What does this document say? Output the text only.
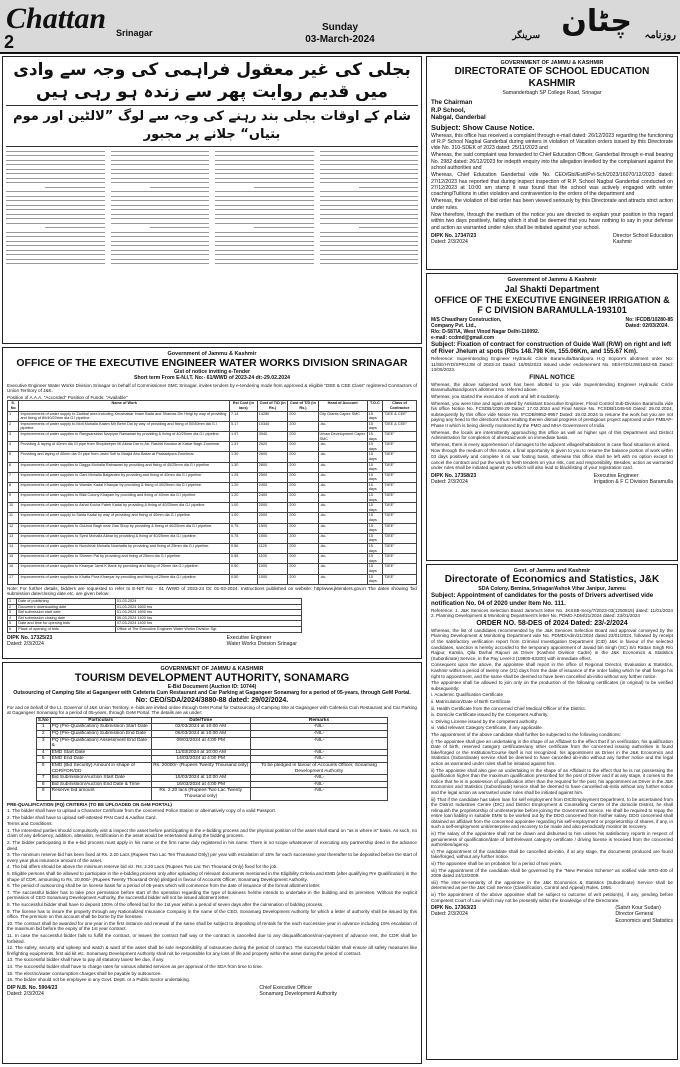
Chattan Srinagar
2
Sunday
03-March-2024	سرینگر چٹان روزنامہ
بجلی کی غیر معقول فراہمی کی وجہ سے وادی میں قدیم روایت پھر سے زندہ ہو رہی ہیں
شام کے اوقات بجلی بند رہنے کی وجہ سے لوگ ”لالٹین اور موم بتیاں“ جلانے پر مجبور
Government of Jammu & Kashmir
OFFICE OF THE EXECUTIVE ENGINEER WATER WORKS DIVISION SRINAGAR
Gist of notice inviting e-Tender
Short term From E-N.I.T. No:- 61/WWD of 2023-24 dt:-29.02.2024
Executive Engineer Water Works Division Srinagar on behalf of Commissioner SMC Srinagar, invites tenders by e-tendering mode from approved & eligible "DEE & CEE Class" registered Contractors of Union Territory of J&K.
Position of A.A.A. "Accorded" Position of Funds: "Available"
S. No	Name of Work	Est Cost (in lacs)	Cost of T/D (in Rs.)	Cost of T/D (in Rs.)	Head of Account	T.O.C	Class of Contractor
1	Improvements of water supply to Zadibal area including Khushalsar Imam Bada and Shamas Din Heigi by way of providing and fixing of 80/40/20mm dia G.I pipeline.	7.14	14280	200	City Grants Capex SMC	15 days	"DEE & CEE"
2	Improvements of water supply to Moti Mohalla Kalam Mir Behri Dal by way of providing and fixing of 50/40mm dia G.I pipeline.	5.17	10340	200	-do-	15 days	"DEE & CEE"
3	Improvements of water supplies to Rangsarsidan Narpiyar Rainawari by providing & fixing of 40/25mm dia G.I pipeline.	1.97	3940	200	Urban Development Capex SMC	15 days	"DEE"
4	Providing & laying of 40mm dia GI pipe from Shopkeeper Mi Akbar Dar to Ab. Rashid Kandoo at Kabar Bagh Zoonimar	1.31	2620	200	-do-	15 days	"DEE"
5	Providing and laying of 40mm dia GI pipe from Javid Sofi to Masjid Abu Bakar at Padsadpora Zoonimar.	1.30	2600	200	-do-	15 days	"DEE"
6	Improvements of water supplies to Dagga Mohalla Rainawari by providing and fixing of 40/25mm dia G.I pipeline.	1.30	2600	200	-do-	15 days	"DEE"
7	Improvements of water supplies to Gani Mohalla Balgarden by providing and fixing of 40mm dia G.I pipeline.	1.25	2500	200	-do-	15 days	"DEE"
8	Improvements of water supplies to Wander Kadal Khanyar by providing & fixing of 40/25mm dia G.I pipeline.	1.20	2400	200	-do-	15 days	"DEE"
9	Improvements of water supplies to Bilal Colony Khayam by providing and fixing of 40mm dia G.I pipeline.	1.20	2400	200	-do-	15 days	"DEE"
10	Improvements of water supplies to Ashai Kocha Fateh Kadal by providing & fixing of 40/25mm dia G.I pipeline.	1.00	2000	200	-do-	15 days	"DEE"
11	Improvements of water supply to Saida Kadal by way of providing and fixing of 40mm dia G.I pipeline.	1.00	2000	200	-do-	15 days	"DEE"
12	Improvements of water supplies to Gulzool Bagh near Gas Shop by providing & fixing of 40/25mm dia G.I pipeline.	0.75	1500	200	-do-	15 days	"DEE"
13	Improvements of water supplies to Syed Mohalla Akbar by providing & fixing of 40/25mm dia G.I pipeline.	0.75	1500	200	-do-	15 days	"DEE"
14	Improvements of water supplies to Nunchhat Mohalla Nowhatta by providing and fixing of 25mm dia G.I pipeline.	0.56	1120	200	-do-	15 days	"DEE"
15	Improvements of water supplies to Shireen Pal by providing and fixing of 25mm dia G.I pipeline.	0.55	1100	200	-do-	15 days	"DEE"
16	Improvements of water supplies to Khanyar Jamil K Bank by providing and fixing of 25mm dia G.I pipeline.	0.50	1000	200	-do-	15 days	"DEE"
17	Improvements of water supplies to Khatta Pora Khanyar by providing and fixing of 25mm dia G.I pipeline.	0.50	1000	200	-do-	15 days	"DEE"
Note: For further details, bidders are requested to refer to E-NIT No: - 61 /WWD of 2023-24 Dt: 01-03-2024. Instructions published on website: http/www.jktenders.gov.in The dates showing 'bid submission date/closing date etc. are given below:
1	Date of publishing	01-03-2024
2	Document downloading date	01-03-2024 1600 hrs
3	Bid submission start date	01-03-2024 1600 hrs
4	Bid submission closing date	06-03-2024 1400 hrs
5	Date and time for opening bids	07-03-2024 1400 hrs
6	Place of opening of bids	Office of The Executive Engineer Water Works Division Sgr.
DIPK No. 17325/23
Dated: 2/3/2024
Executive Engineer
Water Works Division Srinagar
GOVERNMENT OF JAMMU & KASHMIR
TOURISM DEVELOPMENT AUTHORITY, SONAMARG
E-Bid Document (Auction ID: 10744)
Outsourcing of Camping Site at Gagangeer with Cafeteria Cum Restaurant and Car Parking at Gagangeer Sonamarg for a period of 05-years, through GeM Portal.
No: CEO/SDA/2024/3880-88 dated: 29/02/2024.
For and on behalf of the Lt. Governor of J&K Union Territory, e -bids are invited online through GeM Portal for Outsourcing of Camping Site at Gagangeer with Cafeteria Cum Restaurant and Car Parking at Gagangeer Sonamarg for a period of 05-years, through GeM Portal. The details are as under:
S.No	Particulars	Date/Time	Remarks
1	PQ (Pre-Qualification) Submission Start Date	02/03/2024 at 10:00 AM	-NIL-
2	PQ (Pre-Qualification) Submission End Date	06/03/2024 at 10:00 AM	-NIL-
3	PQ (Pre-Qualification) Assessment End Date &	09/03/2024 at 4:00 PM	-NIL-
4	EMD Start Date	11/03/2024 at 10:00 AM	-NIL-
5	EMD End Date	14/03/2024 at 4:00 PM	-NIL-
6	EMD (Bid Security) Amount in shape of CDR/FDR/DD	Rs. 20000/- (Rupees Twenty Thousand only)	To be pledged in favour of Accounts Officer, Sonamarg Development Authority
7	Bid Submission/Auction Start Date	15/03/2024 at 10:00 AM	-NIL-
8	Bid Submission/Auction End Date & Time	16/03/2024 at 4:00 PM	-NIL-
9	Reserve bid amount	Rs. 2.20 lacs (Rupees Two Lac Twenty Thousand only)	-NIL-
PRE-QUALIFICATION (PQ) CRITERIA (TO BE UPLOADED ON GeM PORTAL)
1. The bidder shall have to upload a Character Certificate from the concerned Police Station or alternatively copy of a valid Passport.
2. The bidder shall have to upload self-attested PAN Card & Aadhar Card.
Terms and Conditions:
1. The interested parties should compulsorily visit & inspect the asset before participating in the e-bidding process and the physical position of the asset shall stand on "as is where is" basis. As such, no claim of any deficiency, addition, alteration, rectification in the asset would be entertained during the bidding process.
2. The bidder participating in the e-bid process must apply in his name or the firm name duly registered in his name. There is no scope whatsoever of executing any partnership deed in the advance deed.
3. The minimum reserve bid has been fixed at Rs. 2.20 Lacs (Rupees Two Lac Ten Thousand Only) per year with escalation of 15% for each successive year thereafter to be deposited before the start of every year plus insurance amount of the asset.
4. The bid offers should be above the minimum reserve bid viz. Rs. 2.20 Lacs (Rupees Two Lac Ten Thousand Only) fixed for the job.
5. Eligible persons shall be allowed to participate in the e-bidding process only after uploading of relevant documents mentioned in the Eligibility Criteria and EMD (after qualifying Pre Qualification) in the shape of CDR, amounting to Rs. 20,000/- (Rupees Twenty Thousand Only) pledged in favour of Accounts Officer, Sonamarg Development Authority.
6. The period of outsourcing shall be on license basis for a period of 05-years which will commence from the date of issuance of the formal allotment letter.
7. The successful bidder has to take prior permission before start of the operation regarding the type of business he/she intends to undertake in the building and its premises. Without the explicit permission of CEO Sonamarg Development Authority, the successful bidder will not be issued allotment letter.
8. The successful bidder shall have to deposit 100% of the offered bid for the 1st year within a period of seven days after the culmination of bidding process.
9. The license has to insure the property through any Nationalized Insurance Company in the name of the CEO, Sonamarg Development Authority for which a letter of authority shall be issued by this office. The premium on this account shall be borne by the licensee.
10. The contract shall be awarded for one year in the first instance and renewal of the same shall be subject to depositing of rentals for the each successive year in advance including 15% escalation of the maximum bid before the expiry of the 1st year contract.
11. In case the successful bidder fails to fulfill the contract, or leaves the contract half way or the contract is cancelled due to any disqualifications/non-payment of advance rent, the CDR shall be forfeited.
12. The safety, security and upkeep and watch & ward of the asset shall be sole responsibility of outsourcee during the period of contract. The successful bidder shall ensure all safety measures like firefighting equipments, first aid kit etc. Sonamarg Development Authority shall not be responsible for any loss of life and property within the asset during the period of contract.
13. The successful bidder shall have to pay all statutory taxes/ fee due, if any.
14. The successful bidder shall have to charge rates for various allotted services as per approval of the SDA from time to time.
15. The electric/water consumption charges shall be payable by outsourcee.
16. The bidder should not be employee in any Govt. Deptt. or a Public Sector undertaking.
DIP N.B. No. 5904/23
Dated: 2/3/2024
Chief Executive Officer
Sonamarg Development Authority
GOVERNMENT OF JAMMU & KASHMIR
DIRECTORATE OF SCHOOL EDUCATION KASHMIR
Samanderbagh SP College Road, Srinagar
The Chairman
R.P School,
Nabgal, Ganderbal
Subject: Show Cause Notice.
Whereas, this office has received a complaint through e-mail dated: 26/12/2023 regarding the functioning of R.P School Nagbal Ganderbal during winters in violation of Vacation orders issued by this Directorate vide No. 310-SDEK of 2023 dated: 25/11/2023 and
Whereas, the said complaint was forwarded to Chief Education Officer, Ganderbal through e-mail bearing No. 2982 dated: 26/12/2023 for indepth enquiry into the allegation levelled by the complainant against the school authorities and
Whereas, Chief Education Ganderbal vide No. CEO/Gbl/Estt/Pvt-Sch/2023/16070/12/2023 dated: 27/12/2023 has reported that during inspect inspection of R.P. School Nagbal Ganderbal conducted on 27/12/2023 at 10:00 am stamp it was found that the school was actively engaged with winter coaching/Tuitions in utter violation and contravention to the orders of the department and
Whereas, the violation of ibid order has been viewed seriously by this Directorate and attracts strict action under rules.
Now therefore, through the medium of the notice you are directed to explain your position in this regard within two days positively, failing which it shall be deemed that you have nothing to say in your defense and action as warranted under rules shall be initiated against your school.
DIPK No. 17347/23
Dated: 2/3/2024
Director School Education
Kashmir
Government of Jammu & Kashmir
Jal Shakti Department
OFFICE OF THE EXECUTIVE ENGINEER IRRIGATION & F C DIVISION BARAMULLA-193101
M/S Chaudhary Construction,
Company Pvt. Ltd.,
R/o: D-587/A, West Vinod Nagar Delhi-110092.
e-mail: ccdmd@gmail.com
No: IFCDB/10280-85
Dated: 02/03/2024.
Subject: Fixation of contract for construction of Guide Wall (R/W) on right and left of River Jhelum at spots (RDs 148.798 Km, 155.06Km, and 155.67 Km).
Reference: Superintending Engineer Hydraulic Circle Baramulla/Bandipora H.Q Sopore's allotment order No: 11/SE/HYD/SPR/JJW of 2023-24 Dated: 15/05/2023 issued under endorsement No. SE/HYD/JJW/1662-65 Dated: 13/05/2023.
FINAL NOTICE
Whereas, the above subjected work has been allotted to you vide Superintending Engineer Hydraulic Circle Baramulla/Bandipora's allotment No. referred above.
Whereas, you started the execution of work and left it suddenly.
Whereas, you were time and again asked by Assistant Executive Engineer, Flood Control Sub-Division Baramulla vide his office Notice No. FCSDB/1028-29 Dated: 17.02.2024 and Final Notice No. FCSDB/1045-50 Dated: 29.02.2024, subsequently by this office vide Notice No. IFCDB/9952-9957 Dated: 19.02.2024 to resume the work but you are not paying any heed to the directions thus resulting therein dismal progress of prestigious project approved under FMBAP-Phase II which is being directly monitored by the PMO and MHA Government of India.
Whereas, the locals are intermittently approaching this office as well as higher ups of this Department and District Administration for completion of aforesaid work on immediate basis.
Whereas, there is every apprehension of damages to the adjacent villages/habitations in case flood situation is arised.
Now through the medium of this notice, a final opportunity is given to you to resume the balance portion of work within 03 days positively and complete it on war footing basis, otherwise this office shall be left with no option except to cancel the contract and put the work to fresh tenders on your risk, cost and responsibility. Besides, action as warranted under rules shall be initiated against you which will also lead to blacklisting of your registration card.
DIPK No. 17358/23
Dated: 2/3/2024
Executive Engineer
Irrigation & F C Division Baramulla
Govt. of Jammu and Kashmir
Directorate of Economics and Statistics, J&K
SDA Colony, Bemina, Srinagar/Ashok Vihar Janipur, Jammu
Subject: Appointment of candidates for the posts of Drivers advertised vide notification No. 04 of 2020 under Item No. 111.
Reference: 1. J&K Services Selection Board Jammu's letter No. JKSSB-Secy/7/2023-03(1250815) dated: 11/01/2024 2. Planning Development & Monitoring Department's letter No. PDMD ADM/21/2024 dated: 23/01/2024
ORDER NO. 58-DES of 2024 Dated: 23/-2/2024
Whereas, the list of candidates recommended by the J&K Services Selection Board and approval conveyed by the Planning Development & Monitoring Department vide No. PDMD/Adm/21/2024 dated 23/01/2024, followed by receipt of the satisfactory verification report from Criminal Investigation Department (CID) J&K in favour of the selected candidates, sanction is hereby accorded to the temporary appointment of Javaid bin Singh (SC) S/o Rattan Singh R/o Rajpur, Kamila, Qila Darhal Rajouri as Driver (Kashmir Division Cadre) in the J&K Economics & Statistics (Subordinate) Service, in the Pay Level-2 (19900-63200) with immediate effect.
Consequent upon the above, the appointee shall report in the office of Regional Director, Evaluation & Statistics, Kashmir within a period of twenty one (21) days from the date of issuance of the order failing which he shall forego his right to appointment, and the same shall be deemed to have been cancelled ab-initio without any further notice.
The appointee shall be allowed to join only on the production of the following certificates (in original) to be verified subsequently:
i. Academic Qualification Certificate
ii. Matriculation/Date of Birth Certificate
iii. Health Certificate from the concerned Chief Medical Officer of the District.
iv. Domicile Certificate issued by the Competent Authority.
v. Driving License issued by the competent authority.
vi. Valid relevant Category Certificate, if any applicable.
The appointment of the above candidate shall further be subjected to the following conditions:
i) The appointee shall give an undertaking in the shape of an Affidavit to the effect that if on verification, his qualification Date of birth, reserved category certificates/any other certificate from the concerned issuing authorities is found fake/forged or the Institution/Course itself is not recognized, his appointment as Driver in the J&K Economics and Statistics (Subordinate) service shall be deemed to have cancelled ab-initio without any further notice and the legal action as warranted under rules shall be initiated against him.
ii) The appointee shall also give an undertaking in the shape of an Affidavit to the effect that he is not possessing the qualification higher than the maximum qualification prescribed for the post of Driver and if at any stage, it comes to the notice that he is in possession of qualification other than the required for the post, his appointment as Driver in the J&K Economics and Statistics (Subordinate) service shall be deemed to have cancelled ab-initio without any further notice and the legal action as warranted under rules shall be initiated against him.
iii) That if the candidate has taken loan for self employment from DIC/Employment Department, to be ascertained from the District Industries Centre (DIC) and District Employment & Counselling Centre of the domicile District, he shall relinquish the proprietorship of unit/enterprise before joining the Government service. He shall be required to repay the entire loan liability in suitable EMIs to be worked out by the DDO concerned from his/her salary. DDO concerned shall obtained an affidavit from the concerned appointee regarding his self-employment or proprietorship of shares, if any, in such a self-employment unit/enterprise and recovery to be made and also periodically monitor its recovery.
iv) The salary of the appointee shall not be drawn and disbursed to him unless his satisfactory reports in respect of genuineness of qualification/date of birth/relevant category certificate / driving license is received from the concerned authorities/agency.
v) The appointment of the candidate shall be cancelled ab-initio, if at any stage, the documents produced are found fake/forged, without any further notice.
vi) The appointee shall be on probation for a period of two years.
vii) The appointment of the candidate shall be governed by the "New Pension Scheme" as notified vide SRO-400 of 2009 dated 24/12/2009.
viii) The inter-se-seniority of the appointee in the J&K Economics & Statistics (Subordinate) Service shall be determined as per the J&K Civil Service (Classification, Control and Appeal) Rules, 1956.
ix) The appointment of the above appointee shall be subject to outcome of writ petition(s), if any, pending before Competent Court of Law which may not be presently within the knowledge of the Directorate.
DIPK No. 17363/23
Dated: 2/3/2024
(Satvir Kour Sudan)
Director General
Economics and Statistics
